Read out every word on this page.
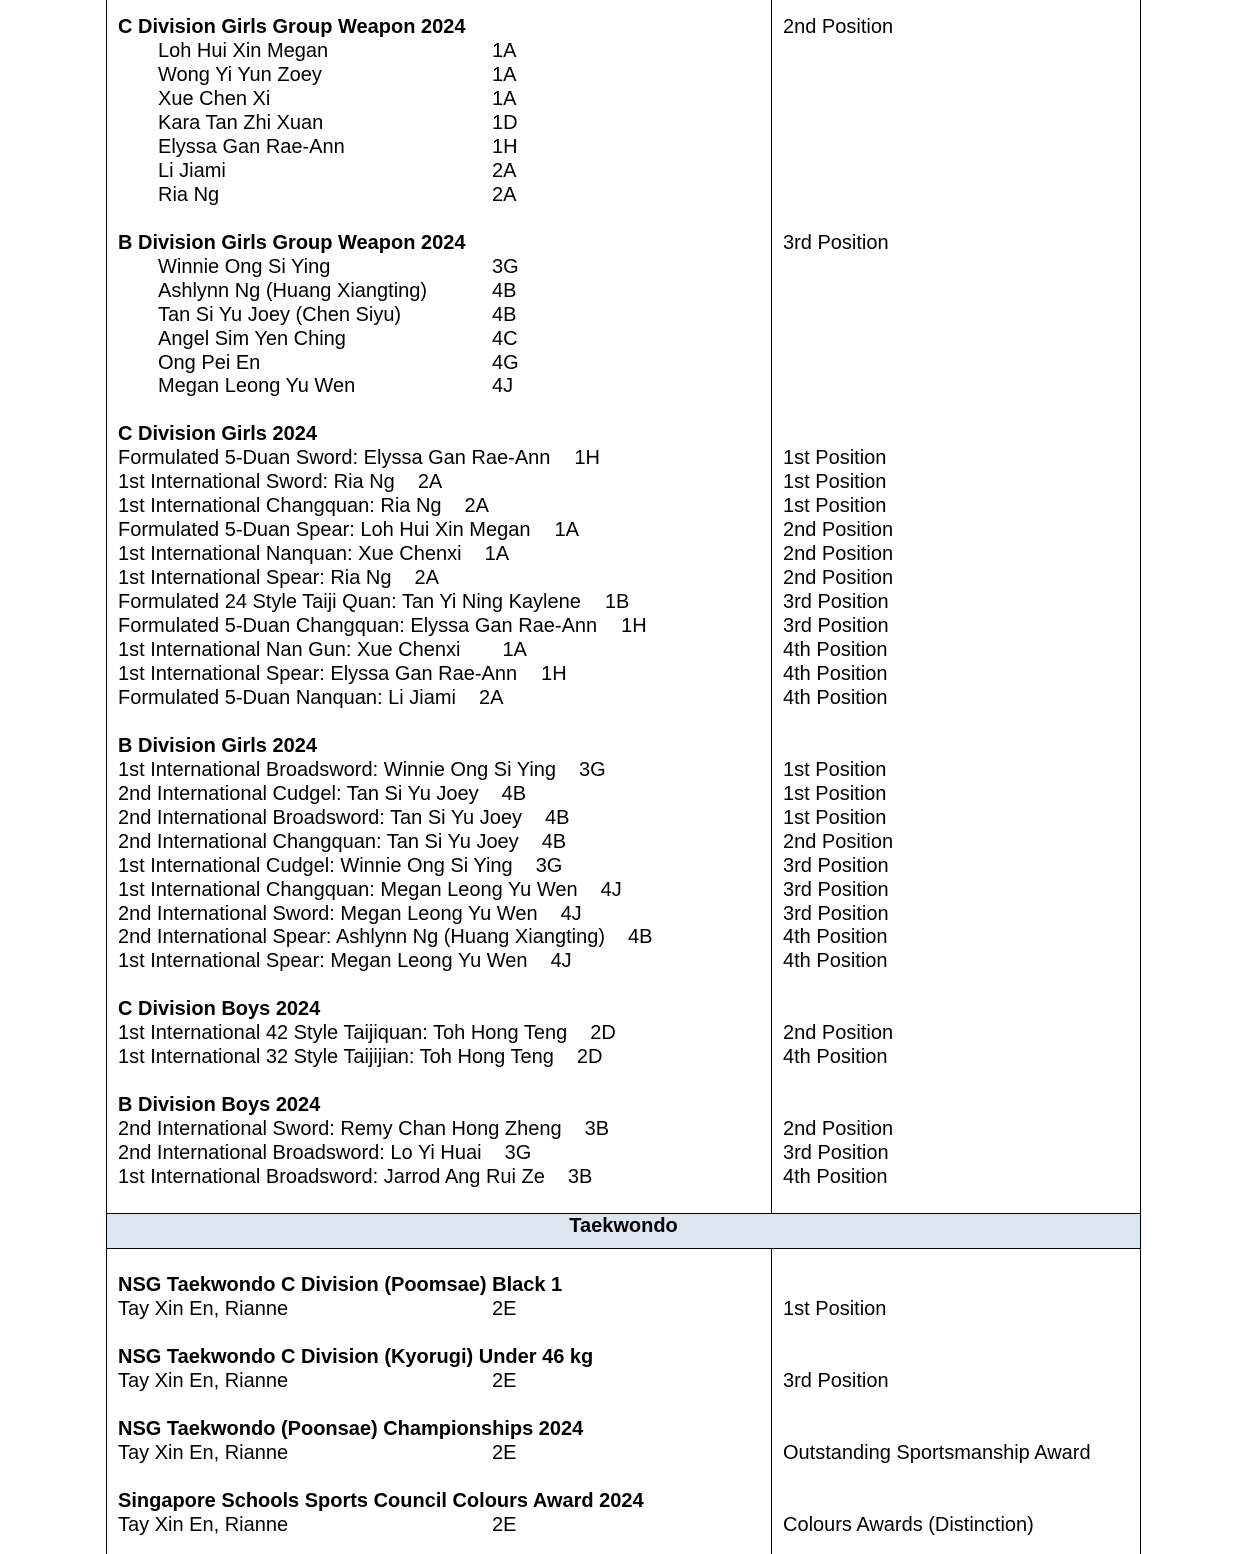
Taekwondo
C Division Girls Group Weapon 2024	2nd Position
Loh Hui Xin Megan	1A
Wong Yi Yun Zoey	1A
Xue Chen Xi	1A
Kara Tan Zhi Xuan	1D
Elyssa Gan Rae-Ann	1H
Li Jiami	2A
Ria Ng	2A
B Division Girls Group Weapon 2024	3rd Position
Winnie Ong Si Ying	3G
Ashlynn Ng (Huang Xiangting)	4B
Tan Si Yu Joey (Chen Siyu)	4B
Angel Sim Yen Ching	4C
Ong Pei En	4G
Megan Leong Yu Wen	4J
C Division Girls 2024
Formulated 5-Duan Sword: Elyssa Gan Rae-Ann 1H	1st Position
1st International Sword: Ria Ng 2A	1st Position
1st International Changquan: Ria Ng 2A	1st Position
Formulated 5-Duan Spear: Loh Hui Xin Megan 1A	2nd Position
1st International Nanquan: Xue Chenxi 1A	2nd Position
1st International Spear: Ria Ng 2A	2nd Position
Formulated 24 Style Taiji Quan: Tan Yi Ning Kaylene 1B	3rd Position
Formulated 5-Duan Changquan: Elyssa Gan Rae-Ann 1H	3rd Position
1st International Nan Gun: Xue Chenxi 1A	4th Position
1st International Spear: Elyssa Gan Rae-Ann 1H	4th Position
Formulated 5-Duan Nanquan: Li Jiami 2A	4th Position
B Division Girls 2024
1st International Broadsword: Winnie Ong Si Ying 3G	1st Position
2nd International Cudgel: Tan Si Yu Joey 4B	1st Position
2nd International Broadsword: Tan Si Yu Joey 4B	1st Position
2nd International Changquan: Tan Si Yu Joey 4B	2nd Position
1st International Cudgel: Winnie Ong Si Ying 3G	3rd Position
1st International Changquan: Megan Leong Yu Wen 4J	3rd Position
2nd International Sword: Megan Leong Yu Wen 4J	3rd Position
2nd International Spear: Ashlynn Ng (Huang Xiangting) 4B	4th Position
1st International Spear: Megan Leong Yu Wen 4J	4th Position
C Division Boys 2024
1st International 42 Style Taijiquan: Toh Hong Teng 2D	2nd Position
1st International 32 Style Taijijian: Toh Hong Teng 2D	4th Position
B Division Boys 2024
2nd International Sword: Remy Chan Hong Zheng 3B	2nd Position
2nd International Broadsword: Lo Yi Huai 3G	3rd Position
1st International Broadsword: Jarrod Ang Rui Ze 3B	4th Position
NSG Taekwondo C Division (Poomsae) Black 1
Tay Xin En, Rianne	2E	1st Position
NSG Taekwondo C Division (Kyorugi) Under 46 kg
Tay Xin En, Rianne	2E	3rd Position
NSG Taekwondo (Poonsae) Championships 2024
Tay Xin En, Rianne	2E	Outstanding Sportsmanship Award
Singapore Schools Sports Council Colours Award 2024
Tay Xin En, Rianne	2E	Colours Awards (Distinction)
